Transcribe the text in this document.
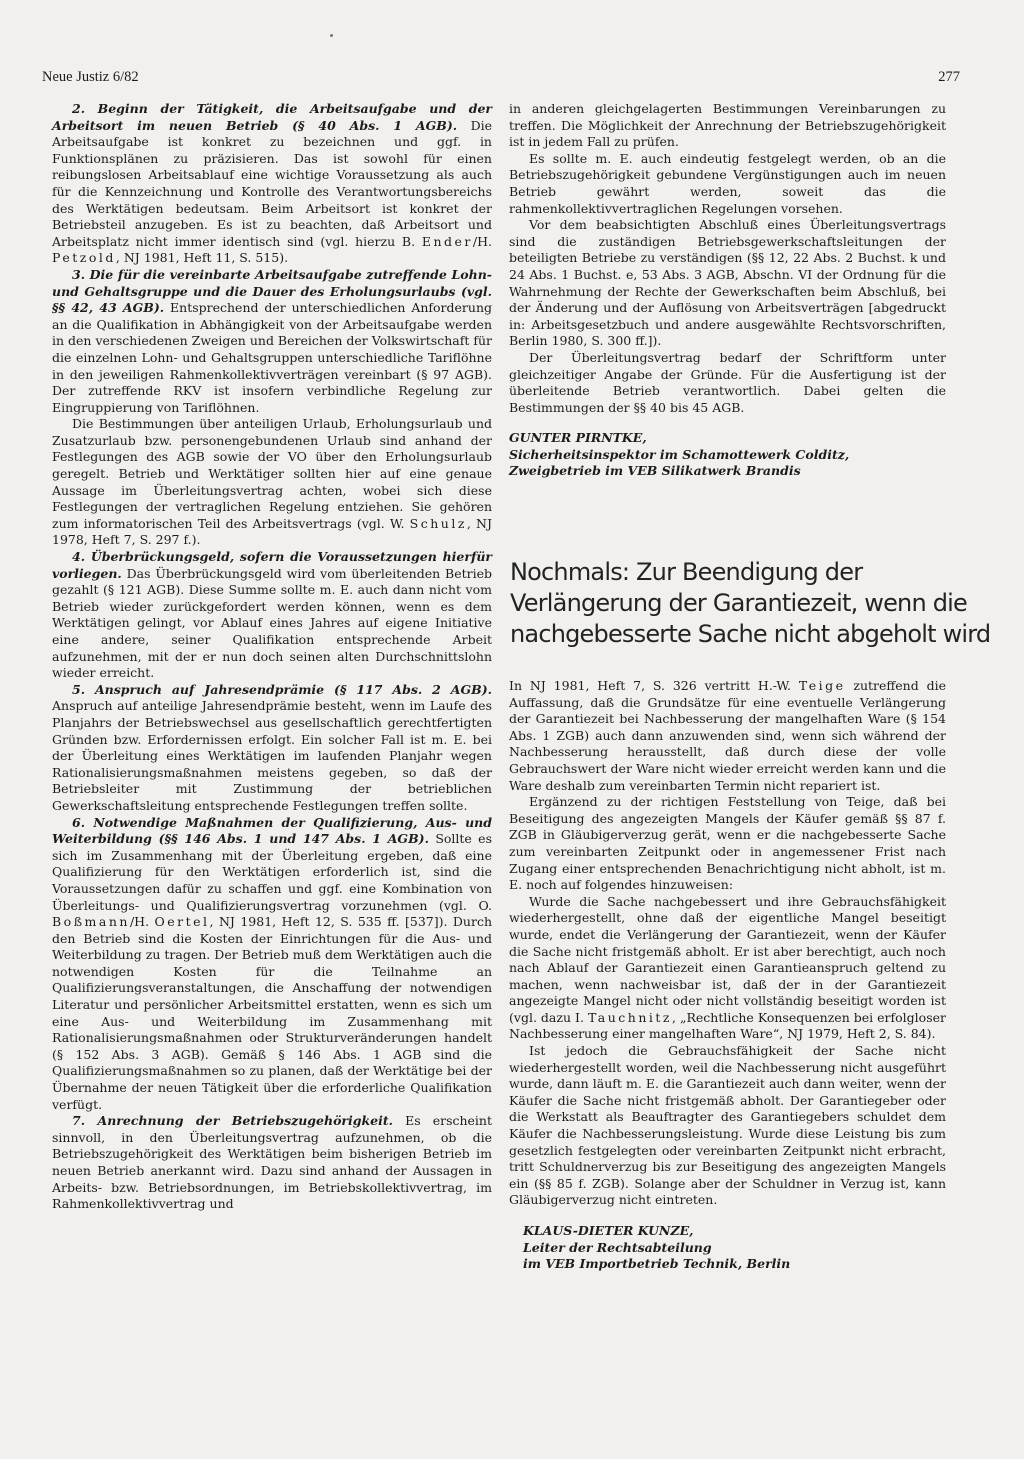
Neue Justiz 6/82	277

2. Beginn der Tätigkeit, die Arbeitsaufgabe und der Arbeitsort im neuen Betrieb (§ 40 Abs. 1 AGB). Die Arbeitsaufgabe ist konkret zu bezeichnen und ggf. in Funktionsplänen zu präzisieren. Das ist sowohl für einen reibungslosen Arbeitsablauf eine wichtige Voraussetzung als auch für die Kennzeichnung und Kontrolle des Verantwortungsbereichs des Werktätigen bedeutsam. Beim Arbeitsort ist konkret der Betriebsteil anzugeben. Es ist zu beachten, daß Arbeitsort und Arbeitsplatz nicht immer identisch sind (vgl. hierzu B. Ender/H. Petzold, NJ 1981, Heft 11, S. 515).

3. Die für die vereinbarte Arbeitsaufgabe zutreffende Lohn- und Gehaltsgruppe und die Dauer des Erholungsurlaubs (vgl. §§ 42, 43 AGB). Entsprechend der unterschiedlichen Anforderung an die Qualifikation in Abhängigkeit von der Arbeitsaufgabe werden in den verschiedenen Zweigen und Bereichen der Volkswirtschaft für die einzelnen Lohn- und Gehaltsgruppen unterschiedliche Tariflöhne in den jeweiligen Rahmenkollektivverträgen vereinbart (§ 97 AGB). Der zutreffende RKV ist insofern verbindliche Regelung zur Eingruppierung von Tariflöhnen.

Die Bestimmungen über anteiligen Urlaub, Erholungsurlaub und Zusatzurlaub bzw. personengebundenen Urlaub sind anhand der Festlegungen des AGB sowie der VO über den Erholungsurlaub geregelt. Betrieb und Werktätiger sollten hier auf eine genaue Aussage im Überleitungsvertrag achten, wobei sich diese Festlegungen der vertraglichen Regelung entziehen. Sie gehören zum informatorischen Teil des Arbeitsvertrags (vgl. W. Schulz, NJ 1978, Heft 7, S. 297 f.).

4. Überbrückungsgeld, sofern die Voraussetzungen hierfür vorliegen. Das Überbrückungsgeld wird vom überleitenden Betrieb gezahlt (§ 121 AGB). Diese Summe sollte m. E. auch dann nicht vom Betrieb wieder zurückgefordert werden können, wenn es dem Werktätigen gelingt, vor Ablauf eines Jahres auf eigene Initiative eine andere, seiner Qualifikation entsprechende Arbeit aufzunehmen, mit der er nun doch seinen alten Durchschnittslohn wieder erreicht.

5. Anspruch auf Jahresendprämie (§ 117 Abs. 2 AGB). Anspruch auf anteilige Jahresendprämie besteht, wenn im Laufe des Planjahrs der Betriebswechsel aus gesellschaftlich gerechtfertigten Gründen bzw. Erfordernissen erfolgt. Ein solcher Fall ist m. E. bei der Überleitung eines Werktätigen im laufenden Planjahr wegen Rationalisierungsmaßnahmen meistens gegeben, so daß der Betriebsleiter mit Zustimmung der betrieblichen Gewerkschaftsleitung entsprechende Festlegungen treffen sollte.

6. Notwendige Maßnahmen der Qualifizierung, Aus- und Weiterbildung (§§ 146 Abs. 1 und 147 Abs. 1 AGB). Sollte es sich im Zusammenhang mit der Überleitung ergeben, daß eine Qualifizierung für den Werktätigen erforderlich ist, sind die Voraussetzungen dafür zu schaffen und ggf. eine Kombination von Überleitungs- und Qualifizierungsvertrag vorzunehmen (vgl. O. Boßmann/H. Oertel, NJ 1981, Heft 12, S. 535 ff. [537]). Durch den Betrieb sind die Kosten der Einrichtungen für die Aus- und Weiterbildung zu tragen. Der Betrieb muß dem Werktätigen auch die notwendigen Kosten für die Teilnahme an Qualifizierungsveranstaltungen, die Anschaffung der notwendigen Literatur und persönlicher Arbeitsmittel erstatten, wenn es sich um eine Aus- und Weiterbildung im Zusammenhang mit Rationalisierungsmaßnahmen oder Strukturveränderungen handelt (§ 152 Abs. 3 AGB). Gemäß § 146 Abs. 1 AGB sind die Qualifizierungsmaßnahmen so zu planen, daß der Werktätige bei der Übernahme der neuen Tätigkeit über die erforderliche Qualifikation verfügt.

7. Anrechnung der Betriebszugehörigkeit. Es erscheint sinnvoll, in den Überleitungsvertrag aufzunehmen, ob die Betriebszugehörigkeit des Werktätigen beim bisherigen Betrieb im neuen Betrieb anerkannt wird. Dazu sind anhand der Aussagen in Arbeits- bzw. Betriebsordnungen, im Betriebskollektivvertrag, im Rahmenkollektivvertrag und

in anderen gleichgelagerten Bestimmungen Vereinbarungen zu treffen. Die Möglichkeit der Anrechnung der Betriebszugehörigkeit ist in jedem Fall zu prüfen.

Es sollte m. E. auch eindeutig festgelegt werden, ob an die Betriebszugehörigkeit gebundene Vergünstigungen auch im neuen Betrieb gewährt werden, soweit das die rahmenkollektivvertraglichen Regelungen vorsehen.

Vor dem beabsichtigten Abschluß eines Überleitungsvertrags sind die zuständigen Betriebsgewerkschaftsleitungen der beteiligten Betriebe zu verständigen (§§ 12, 22 Abs. 2 Buchst. k und 24 Abs. 1 Buchst. e, 53 Abs. 3 AGB, Abschn. VI der Ordnung für die Wahrnehmung der Rechte der Gewerkschaften beim Abschluß, bei der Änderung und der Auflösung von Arbeitsverträgen [abgedruckt in: Arbeitsgesetzbuch und andere ausgewählte Rechtsvorschriften, Berlin 1980, S. 300 ff.]).

Der Überleitungsvertrag bedarf der Schriftform unter gleichzeitiger Angabe der Gründe. Für die Ausfertigung ist der überleitende Betrieb verantwortlich. Dabei gelten die Bestimmungen der §§ 40 bis 45 AGB.

GUNTER PIRNTKE,
Sicherheitsinspektor im Schamottewerk Colditz,
Zweigbetrieb im VEB Silikatwerk Brandis
Nochmals: Zur Beendigung der
Verlängerung der Garantiezeit, wenn die
nachgebesserte Sache nicht abgeholt wird

In NJ 1981, Heft 7, S. 326 vertritt H.-W. Teige zutreffend die Auffassung, daß die Grundsätze für eine eventuelle Verlängerung der Garantiezeit bei Nachbesserung der mangelhaften Ware (§ 154 Abs. 1 ZGB) auch dann anzuwenden sind, wenn sich während der Nachbesserung herausstellt, daß durch diese der volle Gebrauchswert der Ware nicht wieder erreicht werden kann und die Ware deshalb zum vereinbarten Termin nicht repariert ist.

Ergänzend zu der richtigen Feststellung von Teige, daß bei Beseitigung des angezeigten Mangels der Käufer gemäß §§ 87 f. ZGB in Gläubigerverzug gerät, wenn er die nachgebesserte Sache zum vereinbarten Zeitpunkt oder in angemessener Frist nach Zugang einer entsprechenden Benachrichtigung nicht abholt, ist m. E. noch auf folgendes hinzuweisen:

Wurde die Sache nachgebessert und ihre Gebrauchsfähigkeit wiederhergestellt, ohne daß der eigentliche Mangel beseitigt wurde, endet die Verlängerung der Garantiezeit, wenn der Käufer die Sache nicht fristgemäß abholt. Er ist aber berechtigt, auch noch nach Ablauf der Garantiezeit einen Garantieanspruch geltend zu machen, wenn nachweisbar ist, daß der in der Garantiezeit angezeigte Mangel nicht oder nicht vollständig beseitigt worden ist (vgl. dazu I. Tauchnitz, „Rechtliche Konsequenzen bei erfolgloser Nachbesserung einer mangelhaften Ware“, NJ 1979, Heft 2, S. 84).

Ist jedoch die Gebrauchsfähigkeit der Sache nicht wiederhergestellt worden, weil die Nachbesserung nicht ausgeführt wurde, dann läuft m. E. die Garantiezeit auch dann weiter, wenn der Käufer die Sache nicht fristgemäß abholt. Der Garantiegeber oder die Werkstatt als Beauftragter des Garantiegebers schuldet dem Käufer die Nachbesserungsleistung. Wurde diese Leistung bis zum gesetzlich festgelegten oder vereinbarten Zeitpunkt nicht erbracht, tritt Schuldnerverzug bis zur Beseitigung des angezeigten Mangels ein (§§ 85 f. ZGB). Solange aber der Schuldner in Verzug ist, kann Gläubigerverzug nicht eintreten.

KLAUS-DIETER KUNZE,
Leiter der Rechtsabteilung
im VEB Importbetrieb Technik, Berlin
